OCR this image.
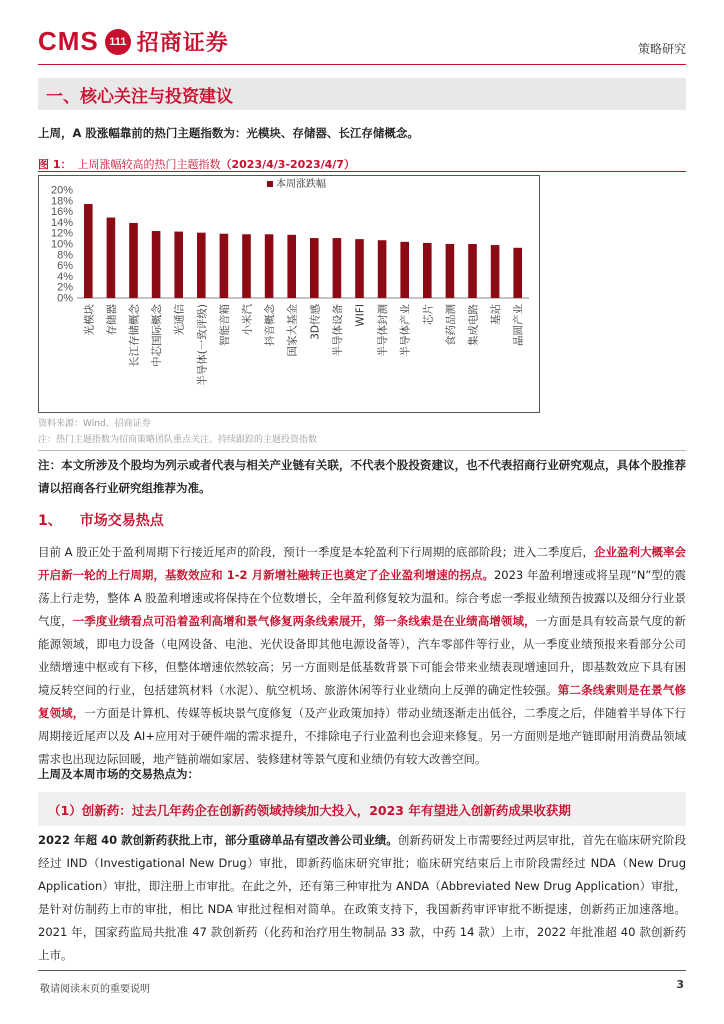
CMS 111 招商证券	策略研究
一、核心关注与投资建议
上周，A 股涨幅靠前的热门主题指数为：光模块、存储器、长江存储概念。
图 1： 上周涨幅较高的热门主题指数（2023/4/3-2023/4/7）
0%
2%
4%
6%
8%
10%
12%
14%
16%
18%
20%	本周涨跌幅
光模块 存储器 长江存储概念 中芯国际概念 光通信 半导体(一致评级) 智能音箱 小米汽 抖音概念 国家大基金 3D传感 半导体设备 WIFI 半导体封测 半导体产业 芯片 食药品测 集成电路 基站 晶圆产业
资料来源：Wind、招商证券
注：热门主题指数为招商策略团队重点关注、持续跟踪的主题投资指数
注：本文所涉及个股均为列示或者代表与相关产业链有关联，不代表个股投资建议，也不代表招商行业研究观点，具体个股推荐请以招商各行业研究组推荐为准。
1、 市场交易热点
目前 A 股正处于盈利周期下行接近尾声的阶段，预计一季度是本轮盈利下行周期的底部阶段；进入二季度后，企业盈利大概率会开启新一轮的上行周期，基数效应和 1-2 月新增社融转正也奠定了企业盈利增速的拐点。2023 年盈利增速或将呈现“N”型的震荡上行走势，整体 A 股盈利增速或将保持在个位数增长，全年盈利修复较为温和。综合考虑一季报业绩预告披露以及细分行业景气度，一季度业绩看点可沿着盈利高增和景气修复两条线索展开，第一条线索是在业绩高增领域，一方面是具有较高景气度的新能源领域，即电力设备（电网设备、电池、光伏设备即其他电源设备等），汽车零部件等行业，从一季度业绩预报来看部分公司业绩增速中枢或有下移，但整体增速依然较高；另一方面则是低基数背景下可能会带来业绩表现增速回升，即基数效应下具有困境反转空间的行业，包括建筑材料（水泥）、航空机场、旅游休闲等行业业绩向上反弹的确定性较强。第二条线索则是在景气修复领域，一方面是计算机、传媒等板块景气度修复（及产业政策加持）带动业绩逐渐走出低谷，二季度之后，伴随着半导体下行周期接近尾声以及 AI+应用对于硬件端的需求提升，不排除电子行业盈利也会迎来修复。另一方面则是地产链即耐用消费品领域需求也出现边际回暖，地产链前端如家居、装修建材等景气度和业绩仍有较大改善空间。
上周及本周市场的交易热点为：
（1）创新药：过去几年药企在创新药领域持续加大投入，2023 年有望进入创新药成果收获期
2022 年超 40 款创新药获批上市，部分重磅单品有望改善公司业绩。创新药研发上市需要经过两层审批，首先在临床研究阶段经过 IND（Investigational New Drug）审批，即新药临床研究审批；临床研究结束后上市阶段需经过 NDA（New Drug Application）审批，即注册上市审批。在此之外，还有第三种审批为 ANDA（Abbreviated New Drug Application）审批，是针对仿制药上市的审批，相比 NDA 审批过程相对简单。在政策支持下，我国新药审评审批不断提速，创新药正加速落地。2021 年，国家药监局共批准 47 款创新药（化药和治疗用生物制品 33 款，中药 14 款）上市，2022 年批准超 40 款创新药上市。
敬请阅读末页的重要说明	3
